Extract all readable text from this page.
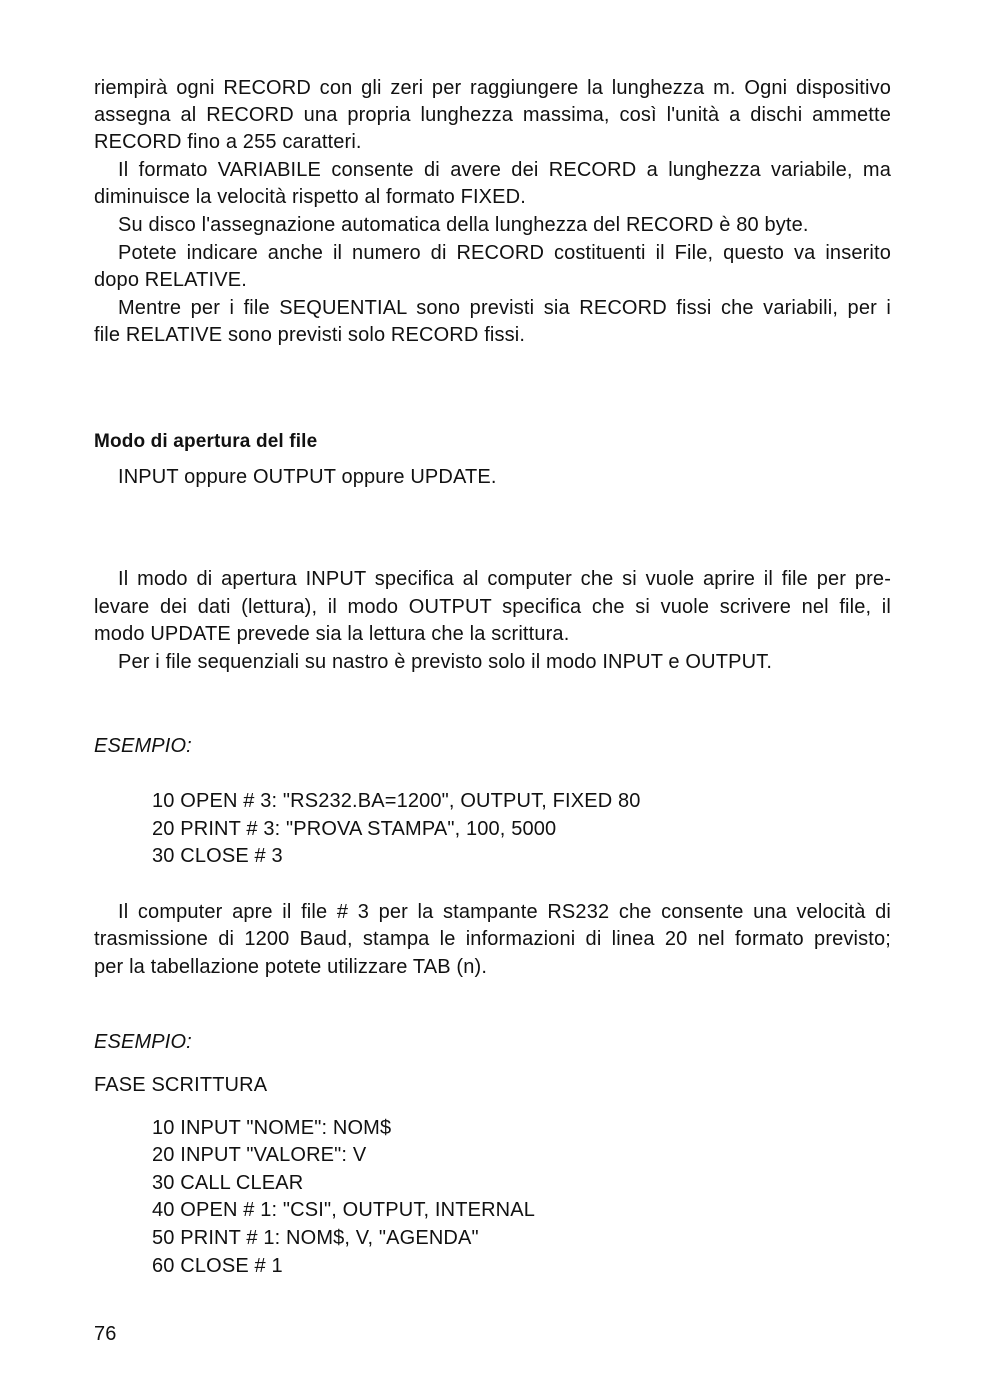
riempirà ogni RECORD con gli zeri per raggiungere la lunghezza m. Ogni dispositivo
assegna al RECORD una propria lunghezza massima, così l'unità a dischi ammette
RECORD fino a 255 caratteri.
Il formato VARIABILE consente di avere dei RECORD a lunghezza variabile, ma
diminuisce la velocità rispetto al formato FIXED.
Su disco l'assegnazione automatica della lunghezza del RECORD è 80 byte.
Potete indicare anche il numero di RECORD costituenti il File, questo va inserito
dopo RELATIVE.
Mentre per i file SEQUENTIAL sono previsti sia RECORD fissi che variabili, per i
file RELATIVE sono previsti solo RECORD fissi.
Modo di apertura del file
INPUT oppure OUTPUT oppure UPDATE.
Il modo di apertura INPUT specifica al computer che si vuole aprire il file per pre-
levare dei dati (lettura), il modo OUTPUT specifica che si vuole scrivere nel file, il
modo UPDATE prevede sia la lettura che la scrittura.
Per i file sequenziali su nastro è previsto solo il modo INPUT e OUTPUT.
ESEMPIO:
10 OPEN # 3: "RS232.BA=1200", OUTPUT, FIXED 80
20 PRINT # 3: "PROVA STAMPA", 100, 5000
30 CLOSE # 3
Il computer apre il file # 3 per la stampante RS232 che consente una velocità di
trasmissione di 1200 Baud, stampa le informazioni di linea 20 nel formato previsto;
per la tabellazione potete utilizzare TAB (n).
ESEMPIO:
FASE SCRITTURA
10 INPUT "NOME": NOM$
20 INPUT "VALORE": V
30 CALL CLEAR
40 OPEN # 1: "CSI", OUTPUT, INTERNAL
50 PRINT # 1: NOM$, V, "AGENDA"
60 CLOSE # 1
76
